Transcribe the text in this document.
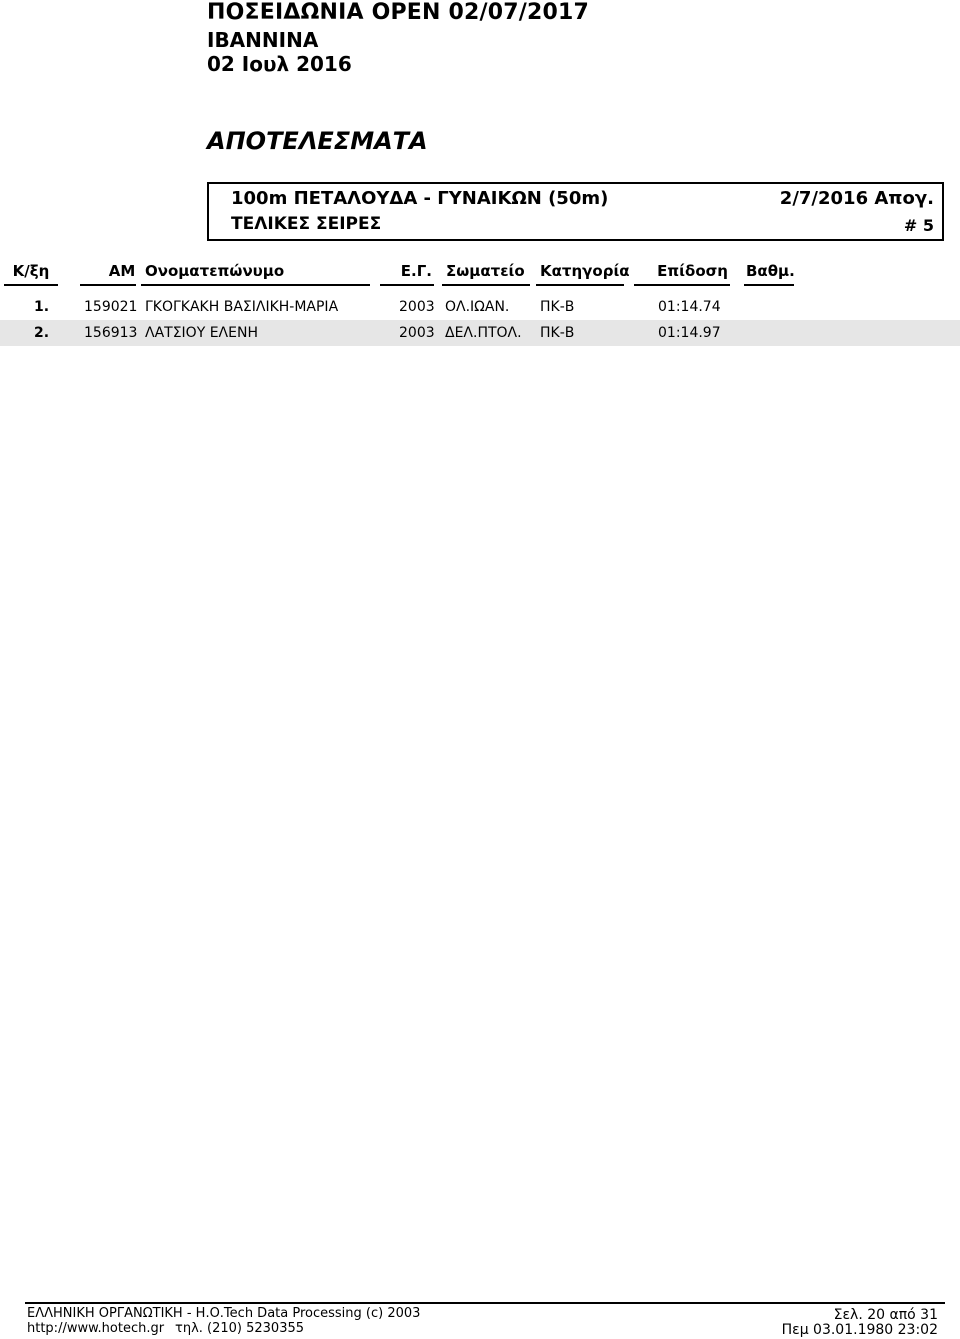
ΠΟΣΕΙΔΩΝΙΑ OPEN 02/07/2017
ΙΒΑΝΝΙΝΑ
02 Ιουλ 2016
ΑΠΟΤΕΛΕΣΜΑΤΑ
100m ΠΕΤΑΛΟΥΔΑ - ΓΥΝΑΙΚΩΝ (50m)	2/7/2016 Απογ.
ΤΕΛΙΚΕΣ ΣΕΙΡΕΣ	# 5
Κ/ξη	ΑΜ Ονοματεπώνυμο	Ε.Γ. Σωματείο Κατηγορία	Επίδοση Βαθμ.
1. 159021 ΓΚΟΓΚΑΚΗ ΒΑΣΙΛΙΚΗ-ΜΑΡΙΑ	2003 ΟΛ.ΙΩΑΝ. ΠΚ-Β	01:14.74
2. 156913 ΛΑΤΣΙΟΥ ΕΛΕΝΗ	2003 ΔΕΛ.ΠΤΟΛ. ΠΚ-Β	01:14.97
ΕΛΛΗΝΙΚΗ ΟΡΓΑΝΩΤΙΚΗ - Η.Ο.Tech Data Processing (c) 2003
http://www.hotech.gr τηλ. (210) 5230355
Σελ. 20 από 31
Πεμ 03.01.1980 23:02
